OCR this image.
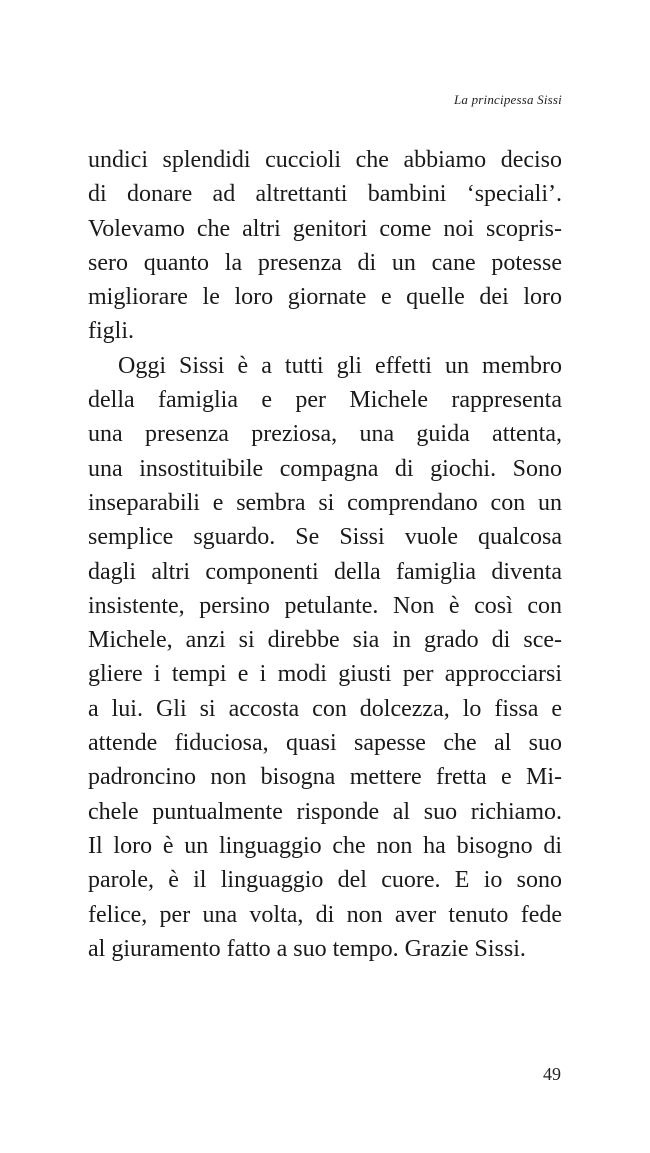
La principessa Sissi
undici splendidi cuccioli che abbiamo deciso
di donare ad altrettanti bambini ‘speciali’.
Volevamo che altri genitori come noi scopris-
sero quanto la presenza di un cane potesse
migliorare le loro giornate e quelle dei loro
figli.
Oggi Sissi è a tutti gli effetti un membro
della famiglia e per Michele rappresenta
una presenza preziosa, una guida attenta,
una insostituibile compagna di giochi. Sono
inseparabili e sembra si comprendano con un
semplice sguardo. Se Sissi vuole qualcosa
dagli altri componenti della famiglia diventa
insistente, persino petulante. Non è così con
Michele, anzi si direbbe sia in grado di sce-
gliere i tempi e i modi giusti per approcciarsi
a lui. Gli si accosta con dolcezza, lo fissa e
attende fiduciosa, quasi sapesse che al suo
padroncino non bisogna mettere fretta e Mi-
chele puntualmente risponde al suo richiamo.
Il loro è un linguaggio che non ha bisogno di
parole, è il linguaggio del cuore. E io sono
felice, per una volta, di non aver tenuto fede
al giuramento fatto a suo tempo. Grazie Sissi.
49
